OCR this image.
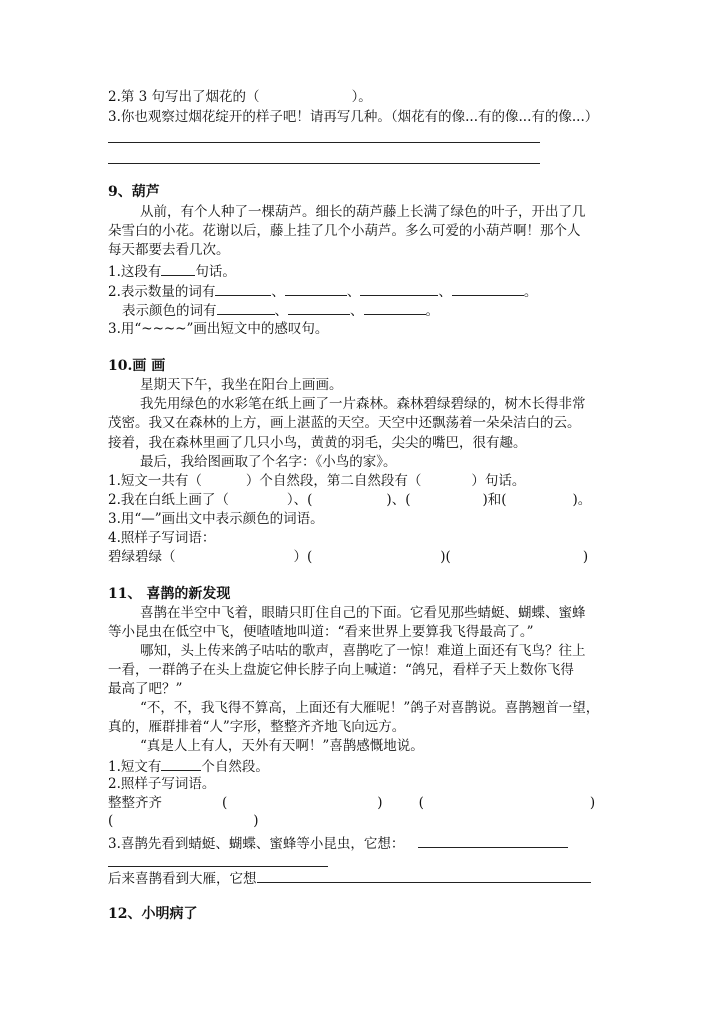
2.第 3 句写出了烟花的（	）。
3.你也观察过烟花绽开的样子吧！请再写几种。（烟花有的像...有的像...有的像...）
9、葫芦
从前，有个人种了一棵葫芦。细长的葫芦藤上长满了绿色的叶子，开出了几
朵雪白的小花。花谢以后，藤上挂了几个小葫芦。多么可爱的小葫芦啊！那个人
每天都要去看几次。
1.这段有	句话。
2.表示数量的词有	、	、	、	。
表示颜色的词有	、	、	。
3.用“~~~~”画出短文中的感叹句。
10.画 画
星期天下午，我坐在阳台上画画。
我先用绿色的水彩笔在纸上画了一片森林。森林碧绿碧绿的，树木长得非常
茂密。我又在森林的上方，画上湛蓝的天空。天空中还飘荡着一朵朵洁白的云。
接着，我在森林里画了几只小鸟，黄黄的羽毛，尖尖的嘴巴，很有趣。
最后，我给图画取了个名字：《小鸟的家》。
1.短文一共有（	）个自然段，第二自然段有（	）句话。
2.我在白纸上画了（	）、(	)、(	)和(	)。
3.用“—”画出文中表示颜色的词语。
4.照样子写词语：
碧绿碧绿（	）(	)(	)
11、 喜鹊的新发现
喜鹊在半空中飞着，眼睛只盯住自己的下面。它看见那些蜻蜓、蝴蝶、蜜蜂
等小昆虫在低空中飞，便喳喳地叫道：“看来世界上要算我飞得最高了。”
哪知，头上传来鸽子咕咕的歌声，喜鹊吃了一惊！难道上面还有飞鸟？往上
一看，一群鸽子在头上盘旋它伸长脖子向上喊道：“鸽兄，看样子天上数你飞得
最高了吧？”
“不，不，我飞得不算高，上面还有大雁呢！”鸽子对喜鹊说。喜鹊翘首一望，
真的，雁群排着“人”字形，整整齐齐地飞向远方。
“真是人上有人，天外有天啊！”喜鹊感慨地说。
1.短文有	个自然段。
2.照样子写词语。
整整齐齐	(	)	(	)
(	)
3.喜鹊先看到蜻蜓、蝴蝶、蜜蜂等小昆虫，它想：
后来喜鹊看到大雁，它想
12、小明病了
